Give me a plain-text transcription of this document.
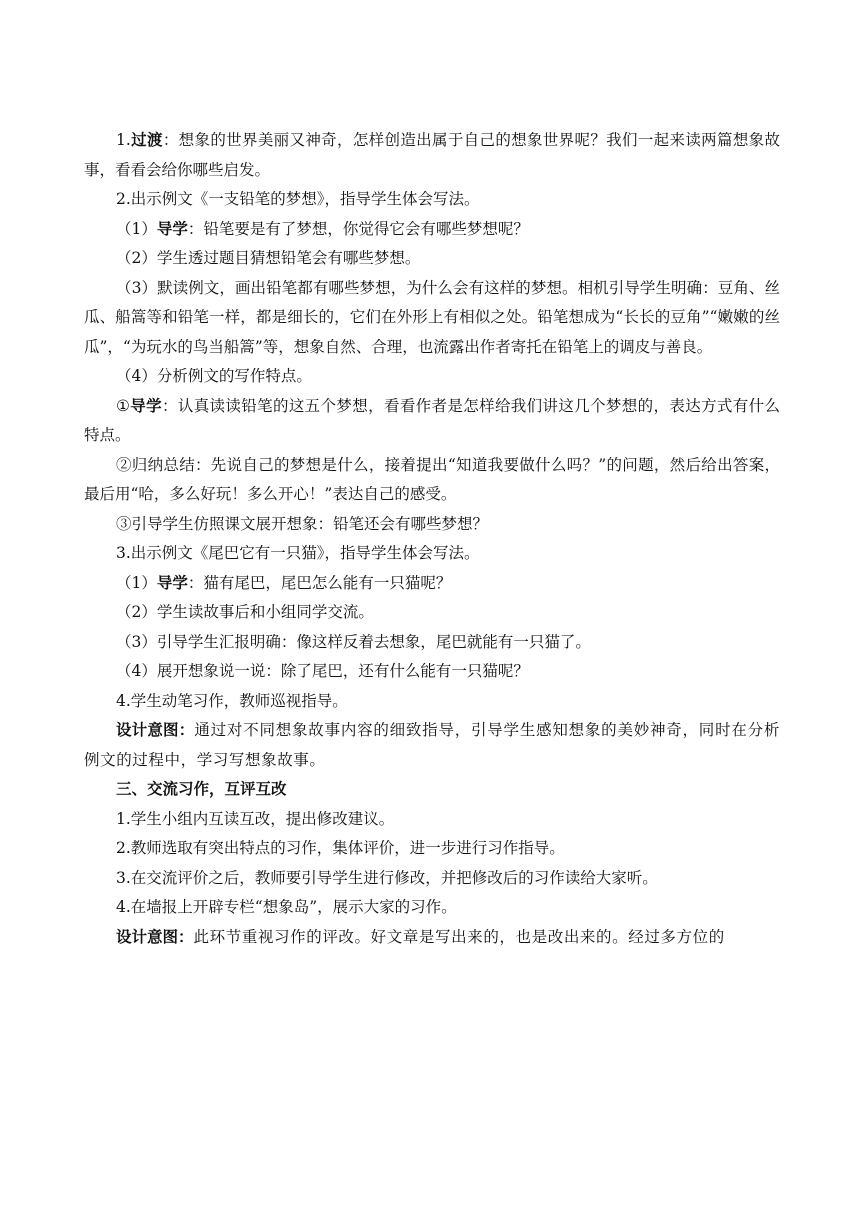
1.过渡：想象的世界美丽又神奇，怎样创造出属于自己的想象世界呢？我们一起来读两篇想象故事，看看会给你哪些启发。

2.出示例文《一支铅笔的梦想》，指导学生体会写法。

（1）导学：铅笔要是有了梦想，你觉得它会有哪些梦想呢？

（2）学生透过题目猜想铅笔会有哪些梦想。

（3）默读例文，画出铅笔都有哪些梦想，为什么会有这样的梦想。相机引导学生明确：豆角、丝瓜、船篙等和铅笔一样，都是细长的，它们在外形上有相似之处。铅笔想成为“长长的豆角”“嫩嫩的丝瓜”，“为玩水的鸟当船篙”等，想象自然、合理，也流露出作者寄托在铅笔上的调皮与善良。

（4）分析例文的写作特点。

①导学：认真读读铅笔的这五个梦想，看看作者是怎样给我们讲这几个梦想的，表达方式有什么特点。

②归纳总结：先说自己的梦想是什么，接着提出“知道我要做什么吗？”的问题，然后给出答案，最后用“哈，多么好玩！多么开心！”表达自己的感受。

③引导学生仿照课文展开想象：铅笔还会有哪些梦想？

3.出示例文《尾巴它有一只猫》，指导学生体会写法。

（1）导学：猫有尾巴，尾巴怎么能有一只猫呢？

（2）学生读故事后和小组同学交流。

（3）引导学生汇报明确：像这样反着去想象，尾巴就能有一只猫了。

（4）展开想象说一说：除了尾巴，还有什么能有一只猫呢？

4.学生动笔习作，教师巡视指导。

设计意图：通过对不同想象故事内容的细致指导，引导学生感知想象的美妙神奇，同时在分析例文的过程中，学习写想象故事。

三、交流习作，互评互改

1.学生小组内互读互改，提出修改建议。

2.教师选取有突出特点的习作，集体评价，进一步进行习作指导。

3.在交流评价之后，教师要引导学生进行修改，并把修改后的习作读给大家听。

4.在墙报上开辟专栏“想象岛”，展示大家的习作。

设计意图：此环节重视习作的评改。好文章是写出来的，也是改出来的。经过多方位的
